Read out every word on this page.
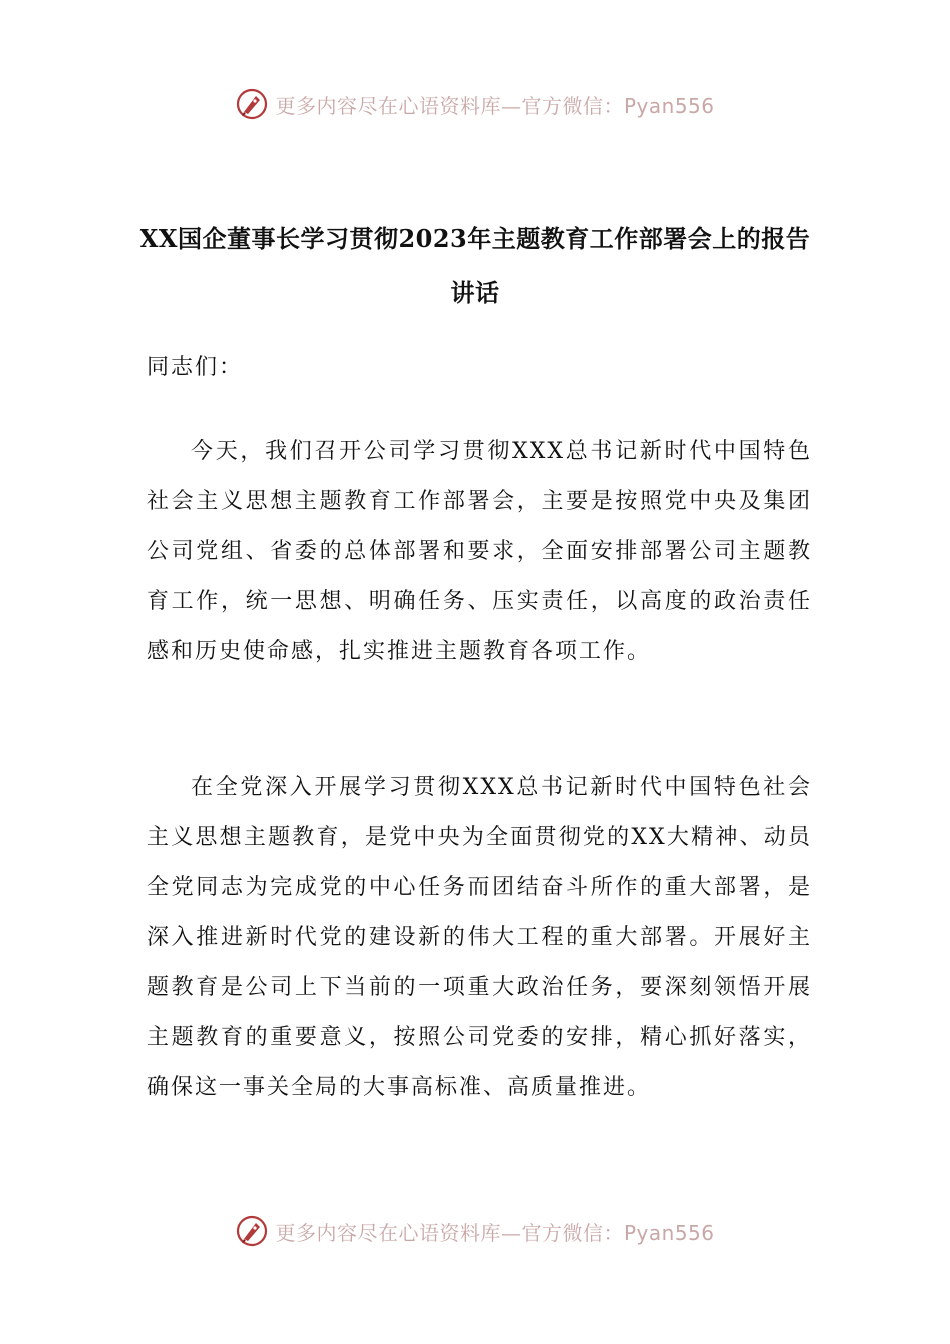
更多内容尽在心语资料库—官方微信：Pyan556
XX国企董事长学习贯彻2023年主题教育工作部署会上的报告讲话
同志们：

今天，我们召开公司学习贯彻XXX总书记新时代中国特色社会主义思想主题教育工作部署会，主要是按照党中央及集团公司党组、省委的总体部署和要求，全面安排部署公司主题教育工作，统一思想、明确任务、压实责任，以高度的政治责任感和历史使命感，扎实推进主题教育各项工作。

在全党深入开展学习贯彻XXX总书记新时代中国特色社会主义思想主题教育，是党中央为全面贯彻党的XX大精神、动员全党同志为完成党的中心任务而团结奋斗所作的重大部署，是深入推进新时代党的建设新的伟大工程的重大部署。开展好主题教育是公司上下当前的一项重大政治任务，要深刻领悟开展主题教育的重要意义，按照公司党委的安排，精心抓好落实，确保这一事关全局的大事高标准、高质量推进。

更多内容尽在心语资料库—官方微信：Pyan556
